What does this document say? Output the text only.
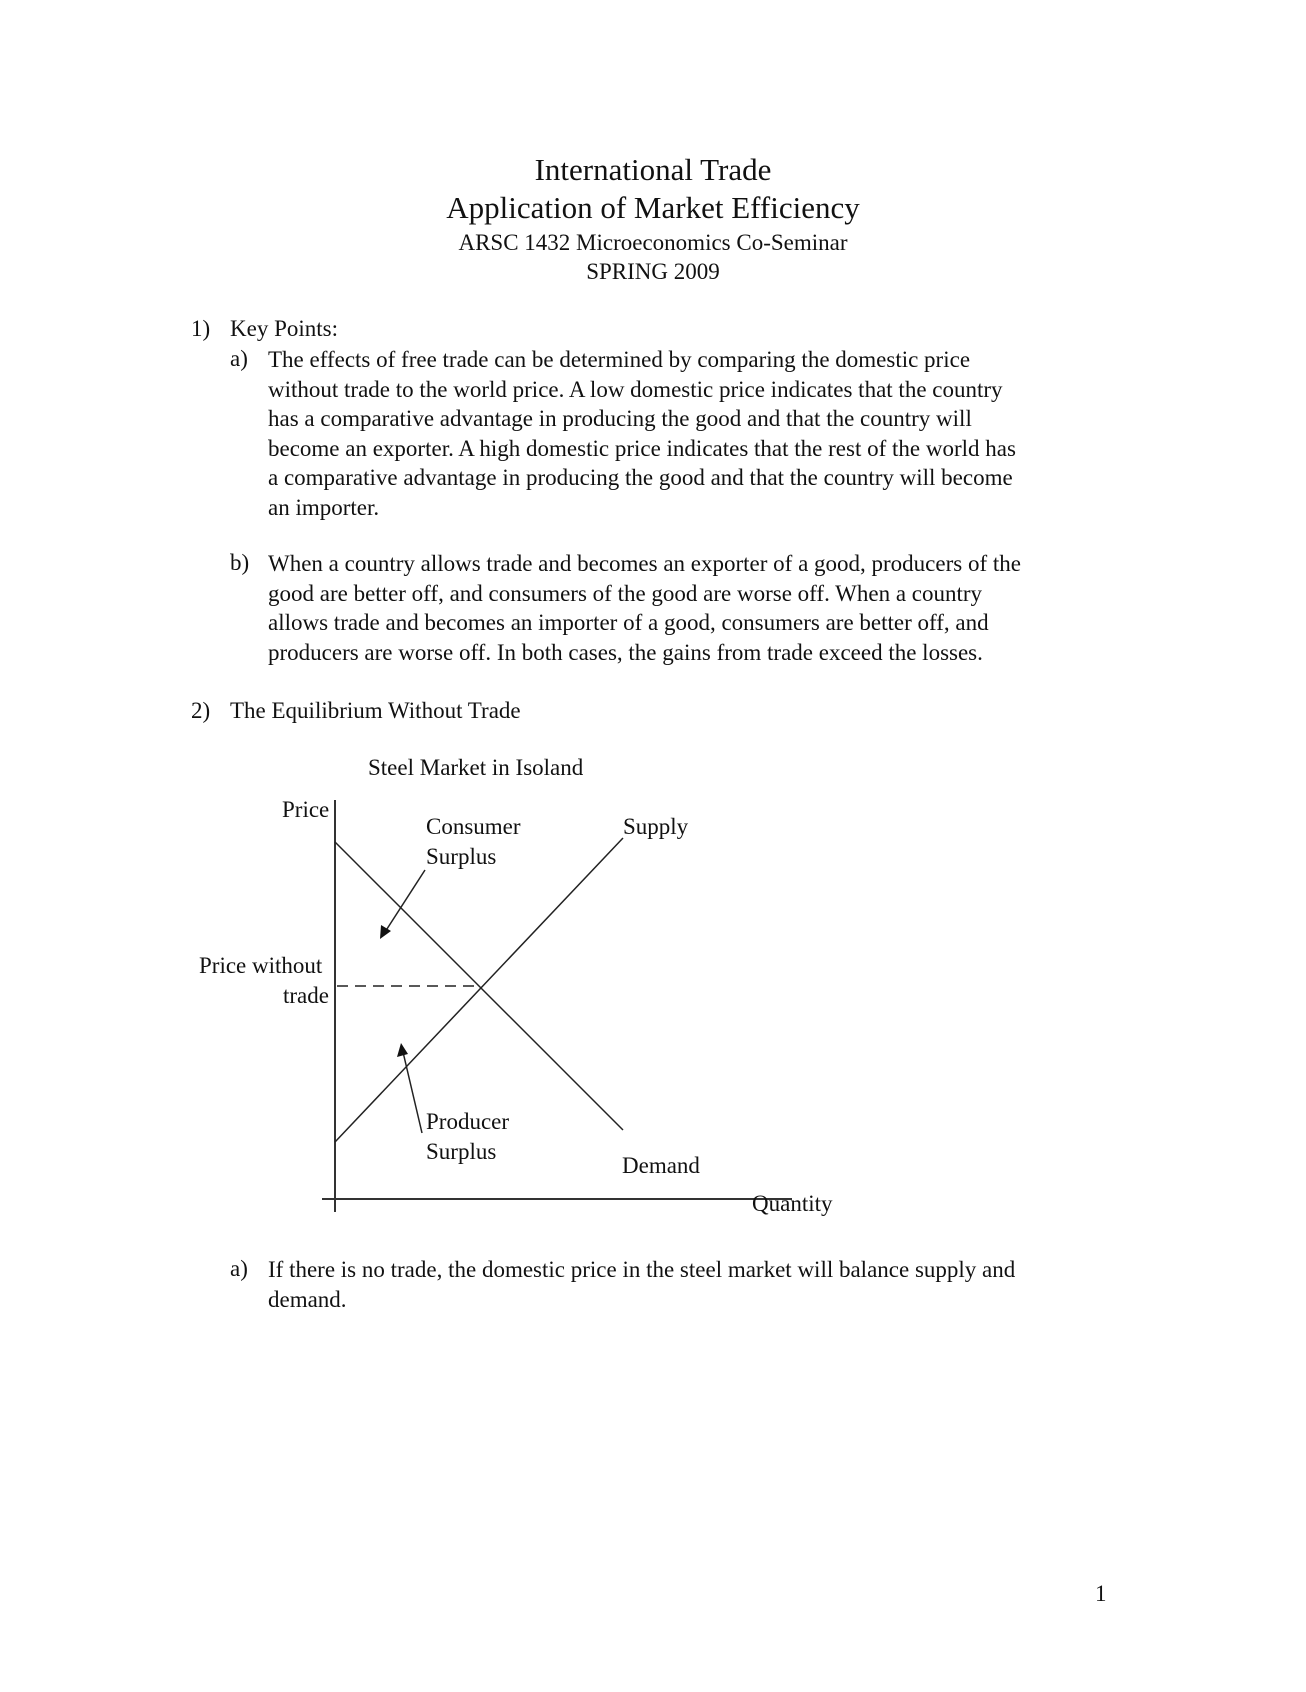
International Trade
Application of Market Efficiency
ARSC 1432 Microeconomics Co-Seminar
SPRING 2009
1) Key Points:
a) The effects of free trade can be determined by comparing the domestic price
without trade to the world price. A low domestic price indicates that the country
has a comparative advantage in producing the good and that the country will
become an exporter. A high domestic price indicates that the rest of the world has
a comparative advantage in producing the good and that the country will become
an importer.
b) When a country allows trade and becomes an exporter of a good, producers of the
good are better off, and consumers of the good are worse off. When a country
allows trade and becomes an importer of a good, consumers are better off, and
producers are worse off. In both cases, the gains from trade exceed the losses.
2) The Equilibrium Without Trade
Steel Market in Isoland
Price
Consumer
Surplus
Supply
Price without
trade
Producer
Surplus
Demand
Quantity
a) If there is no trade, the domestic price in the steel market will balance supply and
demand.
1
